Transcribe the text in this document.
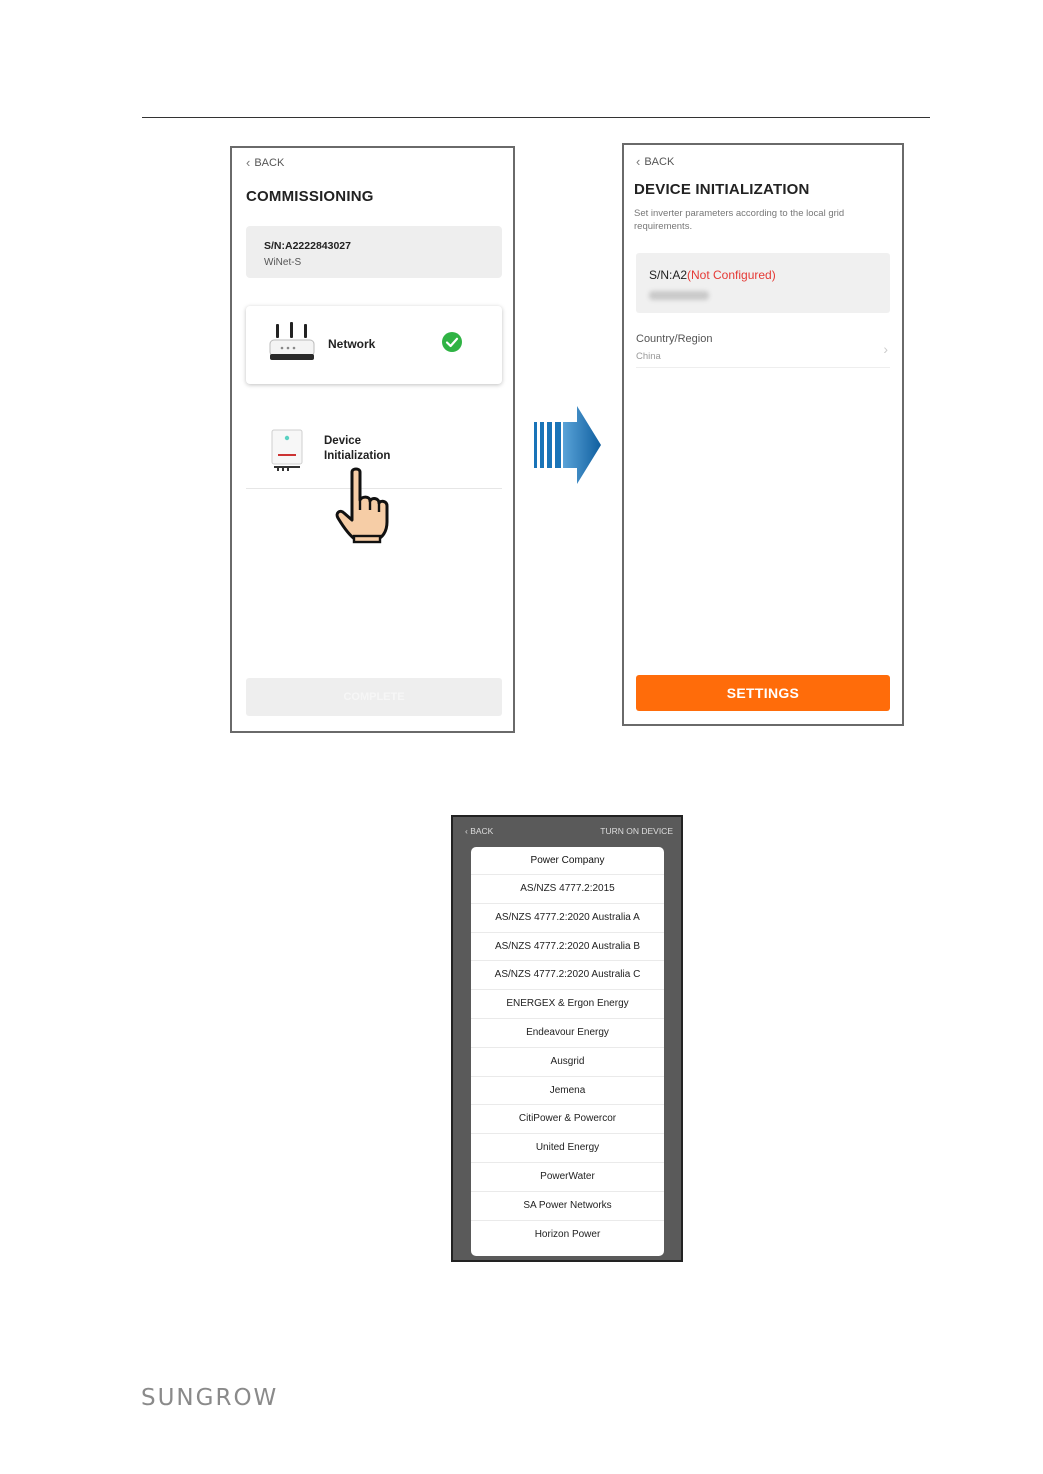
‹ BACK
COMMISSIONING
S/N:A2222843027
WiNet-S
Network
Device Initialization
COMPLETE
‹ BACK
DEVICE INITIALIZATION
Set inverter parameters according to the local grid requirements.
S/N:A2(Not Configured)
Country/Region
China	›
SETTINGS
‹ BACK	TURN ON DEVICE
Power Company
AS/NZS 4777.2:2015
AS/NZS 4777.2:2020 Australia A
AS/NZS 4777.2:2020 Australia B
AS/NZS 4777.2:2020 Australia C
ENERGEX & Ergon Energy
Endeavour Energy
Ausgrid
Jemena
CitiPower & Powercor
United Energy
PowerWater
SA Power Networks
Horizon Power
SUNGROW
